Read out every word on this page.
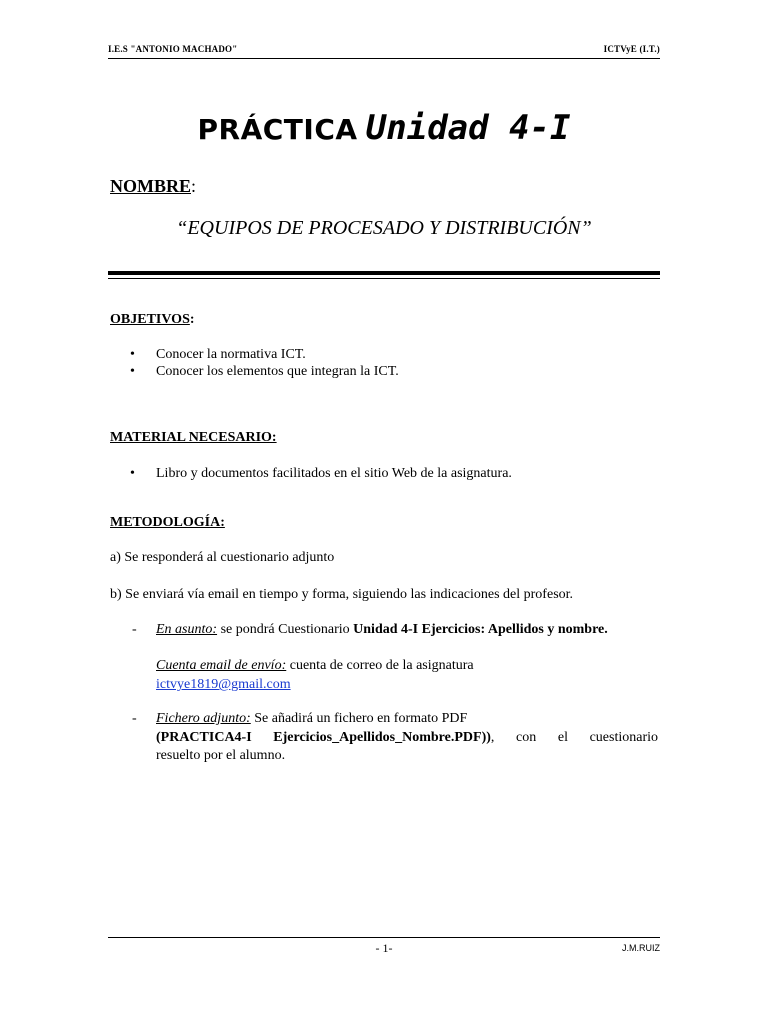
I.E.S "ANTONIO MACHADO"	ICTVyE (I.T.)
PRÁCTICA Unidad 4-I
NOMBRE:
“EQUIPOS DE PROCESADO Y DISTRIBUCIÓN”
OBJETIVOS:
• Conocer la normativa ICT.
• Conocer los elementos que integran la ICT.
MATERIAL NECESARIO:
• Libro y documentos facilitados en el sitio Web de la asignatura.
METODOLOGÍA:
a) Se responderá al cuestionario adjunto
b) Se enviará vía email en tiempo y forma, siguiendo las indicaciones del profesor.
- En asunto: se pondrá Cuestionario Unidad 4-I Ejercicios: Apellidos y nombre.
Cuenta email de envío: cuenta de correo de la asignatura
ictvye1819@gmail.com
- Fichero adjunto: Se añadirá un fichero en formato PDF
(PRACTICA4-I Ejercicios_Apellidos_Nombre.PDF)), con el cuestionario
resuelto por el alumno.
- 1-	J.M.RUIZ
